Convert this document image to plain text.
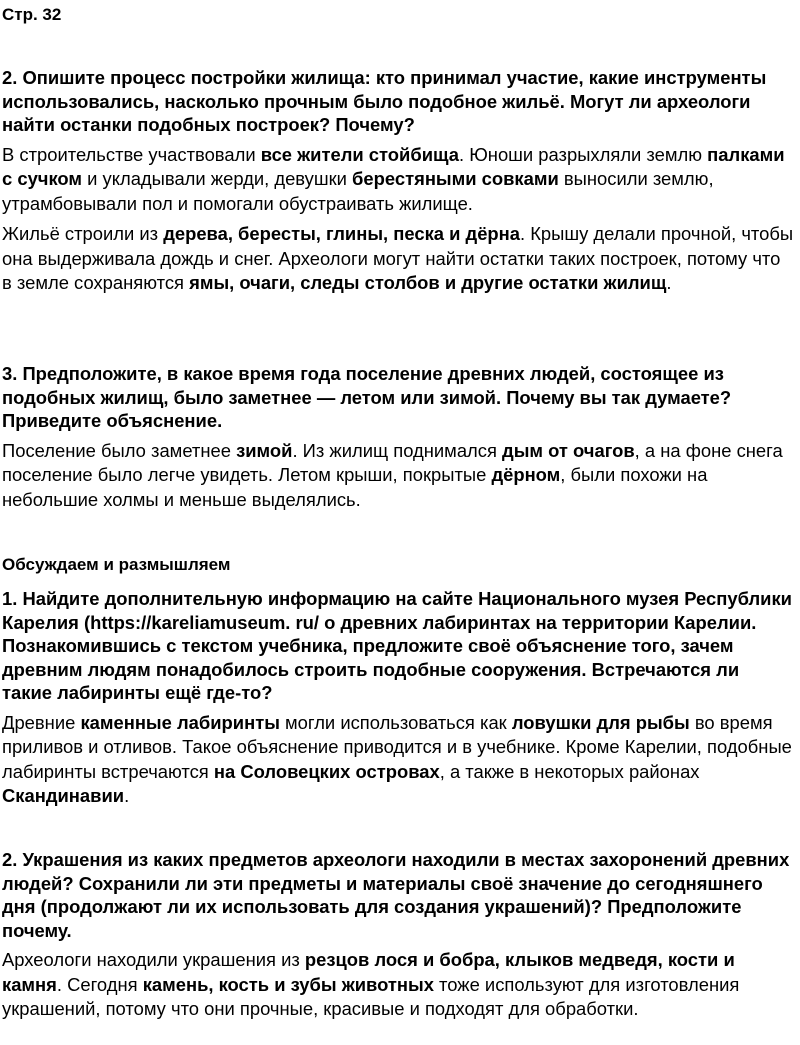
Стр. 32

2. Опишите процесс постройки жилища: кто принимал участие, какие инструменты использовались, насколько прочным было подобное жильё. Могут ли археологи найти останки подобных построек? Почему?

В строительстве участвовали все жители стойбища. Юноши разрыхляли землю палками с сучком и укладывали жерди, девушки берестяными совками выносили землю, утрамбовывали пол и помогали обустраивать жилище.

Жильё строили из дерева, бересты, глины, песка и дёрна. Крышу делали прочной, чтобы она выдерживала дождь и снег. Археологи могут найти остатки таких построек, потому что в земле сохраняются ямы, очаги, следы столбов и другие остатки жилищ.

3. Предположите, в какое время года поселение древних людей, состоящее из подобных жилищ, было заметнее — летом или зимой. Почему вы так думаете? Приведите объяснение.

Поселение было заметнее зимой. Из жилищ поднимался дым от очагов, а на фоне снега поселение было легче увидеть. Летом крыши, покрытые дёрном, были похожи на небольшие холмы и меньше выделялись.

Обсуждаем и размышляем

1. Найдите дополнительную информацию на сайте Национального музея Республики Карелия (https://kareliamuseum. ru/ о древних лабиринтах на территории Карелии. Познакомившись с текстом учебника, предложите своё объяснение того, зачем древним людям понадобилось строить подобные сооружения. Встречаются ли такие лабиринты ещё где-то?

Древние каменные лабиринты могли использоваться как ловушки для рыбы во время приливов и отливов. Такое объяснение приводится и в учебнике. Кроме Карелии, подобные лабиринты встречаются на Соловецких островах, а также в некоторых районах Скандинавии.

2. Украшения из каких предметов археологи находили в местах захоронений древних людей? Сохранили ли эти предметы и материалы своё значение до сегодняшнего дня (продолжают ли их использовать для создания украшений)? Предположите почему.

Археологи находили украшения из резцов лося и бобра, клыков медведя, кости и камня. Сегодня камень, кость и зубы животных тоже используют для изготовления украшений, потому что они прочные, красивые и подходят для обработки.
